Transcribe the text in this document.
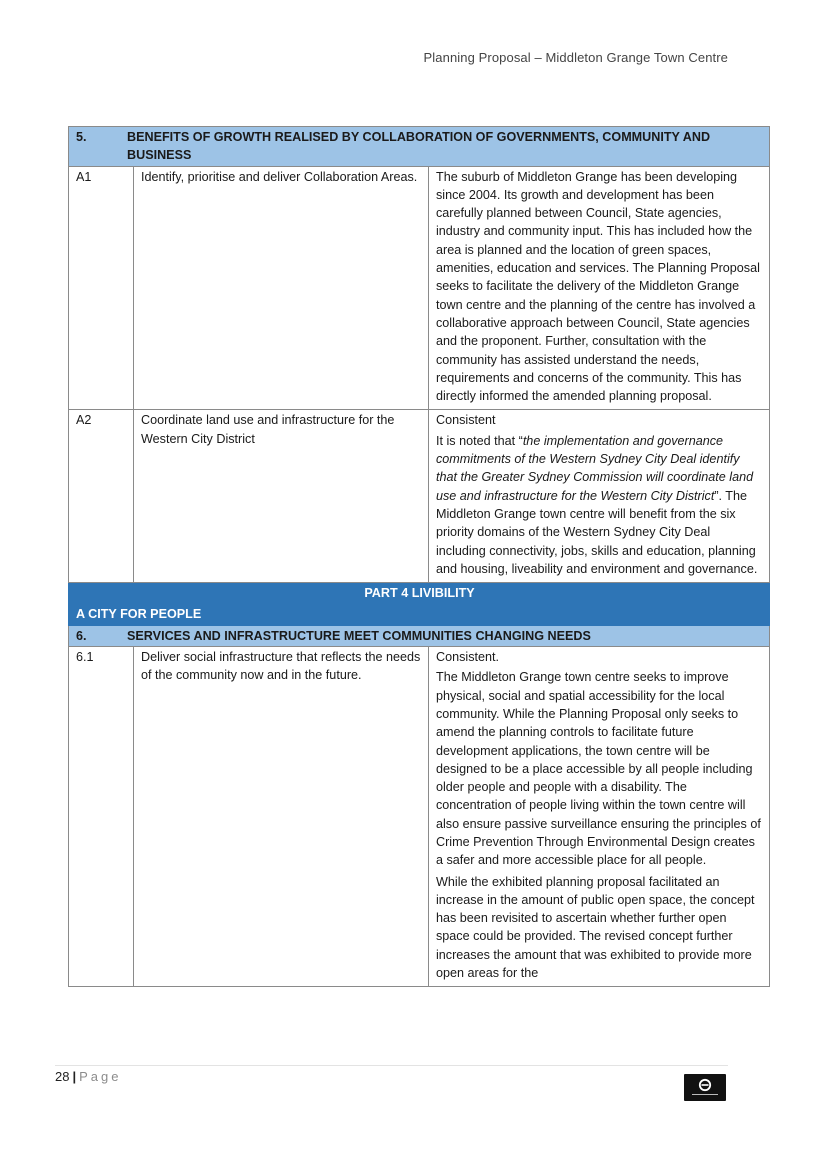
Planning Proposal – Middleton Grange Town Centre
5. BENEFITS OF GROWTH REALISED BY COLLABORATION OF GOVERNMENTS, COMMUNITY AND BUSINESS		
A1	Identify, prioritise and deliver Collaboration Areas.	The suburb of Middleton Grange has been developing since 2004. Its growth and development has been carefully planned between Council, State agencies, industry and community input. This has included how the area is planned and the location of green spaces, amenities, education and services. The Planning Proposal seeks to facilitate the delivery of the Middleton Grange town centre and the planning of the centre has involved a collaborative approach between Council, State agencies and the proponent. Further, consultation with the community has assisted understand the needs, requirements and concerns of the community. This has directly informed the amended planning proposal.

A2	Coordinate land use and infrastructure for the Western City District	Consistent

It is noted that “the implementation and governance commitments of the Western Sydney City Deal identify that the Greater Sydney Commission will coordinate land use and infrastructure for the Western City District”. The Middleton Grange town centre will benefit from the six priority domains of the Western Sydney City Deal including connectivity, jobs, skills and education, planning and housing, liveability and environment and governance.

PART 4 LIVIBILITY		
A CITY FOR PEOPLE		
6. SERVICES AND INFRASTRUCTURE MEET COMMUNITIES CHANGING NEEDS		
6.1	Deliver social infrastructure that reflects the needs of the community now and in the future.	Consistent.

The Middleton Grange town centre seeks to improve physical, social and spatial accessibility for the local community. While the Planning Proposal only seeks to amend the planning controls to facilitate future development applications, the town centre will be designed to be a place accessible by all people including older people and people with a disability. The concentration of people living within the town centre will also ensure passive surveillance ensuring the principles of Crime Prevention Through Environmental Design creates a safer and more accessible place for all people.

While the exhibited planning proposal facilitated an increase in the amount of public open space, the concept has been revisited to ascertain whether further open space could be provided. The revised concept further increases the amount that was exhibited to provide more open areas for the

28 | Page
